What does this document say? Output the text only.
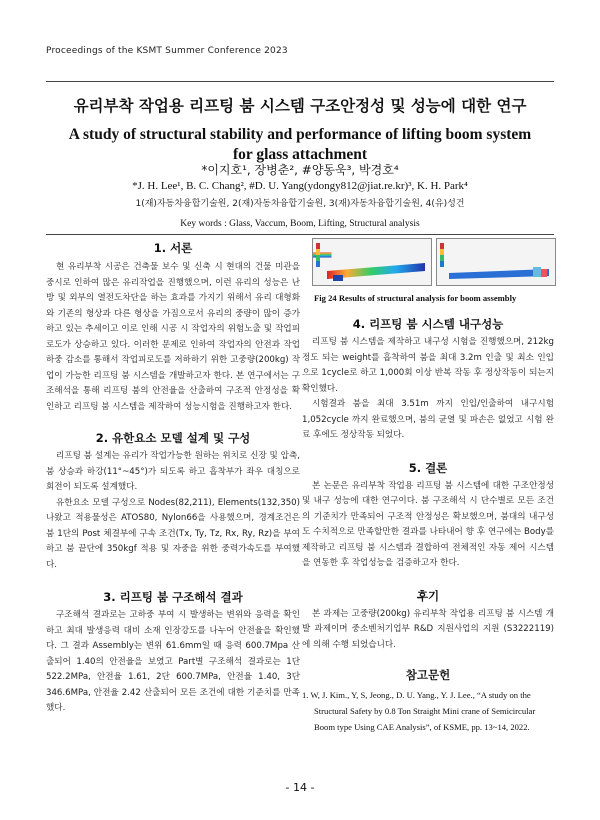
Proceedings of the KSMT Summer Conference 2023
유리부착 작업용 리프팅 붐 시스템 구조안정성 및 성능에 대한 연구
A study of structural stability and performance of lifting boom system
for glass attachment
*이지호¹, 장병춘², #양동욱³, 박경호⁴
*J. H. Lee¹, B. C. Chang², #D. U. Yang(ydongy812@jiat.re.kr)³, K. H. Park⁴
1(재)자동차융합기술원, 2(재)자동차융합기술원, 3(재)자동차융합기술원, 4(유)성건
Key words : Glass, Vaccum, Boom, Lifting, Structural analysis
1. 서론

현 유리부착 시공은 건축물 보수 및 신축 시 현대의 건물 미관을 중시로 인하여 많은 유리작업을 진행했으며, 이런 유리의 성능은 난방 및 외부의 열전도차단을 하는 효과를 가지기 위해서 유리 대형화와 기존의 형상과 다른 형상을 가짐으로서 유리의 중량이 많이 증가하고 있는 추세이고 이로 인해 시공 시 작업자의 위험노출 및 작업피로도가 상승하고 있다. 이러한 문제로 인하여 작업자의 안전과 작업하중 감소를 통해서 작업피로도를 저하하기 위한 고중량(200kg) 작업이 가능한 리프팅 붐 시스템을 개발하고자 한다. 본 연구에서는 구조해석을 통해 리프팅 붐의 안전율을 산출하여 구조적 안정성을 확인하고 리프팅 붐 시스템을 제작하여 성능시험을 진행하고자 한다.

2. 유한요소 모델 설계 및 구성

리프팅 붐 설계는 유리가 작업가능한 원하는 위치로 신장 및 압축, 붐 상승과 하강(11°~45°)가 되도록 하고 흡착부가 좌우 대칭으로 회전이 되도록 설계했다.

유한요소 모델 구성으로 Nodes(82,211), Elements(132,350)나왔고 적용물성은 ATOS80, Nylon66을 사용했으며, 경계조건은 붐 1단의 Post 체결부에 구속 조건(Tx, Ty, Tz, Rx, Ry, Rz)을 부여하고 붐 끝단에 350kgf 적용 및 자중을 위한 중력가속도를 부여했다.

3. 리프팅 붐 구조해석 결과

구조해석 결과로는 고하중 부여 시 발생하는 변위와 응력을 확인하고 최대 발생응력 대비 소재 인장강도를 나누어 안전율을 확인했다. 그 결과 Assembly는 변위 61.6mm일 때 응력 600.7Mpa 산출되어 1.40의 안전율을 보였고 Part별 구조해석 결과로는 1단 522.2MPa, 안전율 1.61, 2단 600.7MPa, 안전율 1.40, 3단 346.6MPa, 안전율 2.42 산출되어 모든 조건에 대한 기준치를 만족했다.

Fig 24 Results of structural analysis for boom assembly
4. 리프팅 붐 시스템 내구성능

리프팅 붐 시스템을 제작하고 내구성 시험을 진행했으며, 212kg 정도 되는 weight를 흡착하여 붐을 최대 3.2m 인출 및 최소 인입으로 1cycle로 하고 1,000회 이상 반복 작동 후 정상작동이 되는지 확인했다.

시험결과 붐을 최대 3.51m 까지 인입/인출하여 내구시험 1,052cycle 까지 완료했으며, 붐의 균열 및 파손은 없었고 시험 완료 후에도 정상작동 되었다.

5. 결론

본 논문은 유리부착 작업용 리프팅 붐 시스템에 대한 구조안정성 및 내구 성능에 대한 연구이다. 붐 구조해석 시 단수별로 모든 조건의 기준치가 만족되어 구조적 안정성은 확보했으며, 붐대의 내구성도 수치적으로 만족할만한 결과를 나타내어 향 후 연구에는 Body를 제작하고 리프팅 붐 시스템과 결합하여 전체적인 자동 제어 시스템을 연동한 후 작업성능을 검증하고자 한다.

후기

본 과제는 고중량(200kg) 유리부착 작업용 리프팅 붐 시스템 개발 과제이며 중소벤처기업부 R&D 지원사업의 지원 (S3222119)에 의해 수행 되었습니다.

참고문헌

1. W, J. Kim., Y, S, Jeong., D. U. Yang., Y. J. Lee., “A study on the Structural Safety by 0.8 Ton Straight Mini crane of Semicircular Boom type Using CAE Analysis”, of KSME, pp. 13~14, 2022.

- 14 -
